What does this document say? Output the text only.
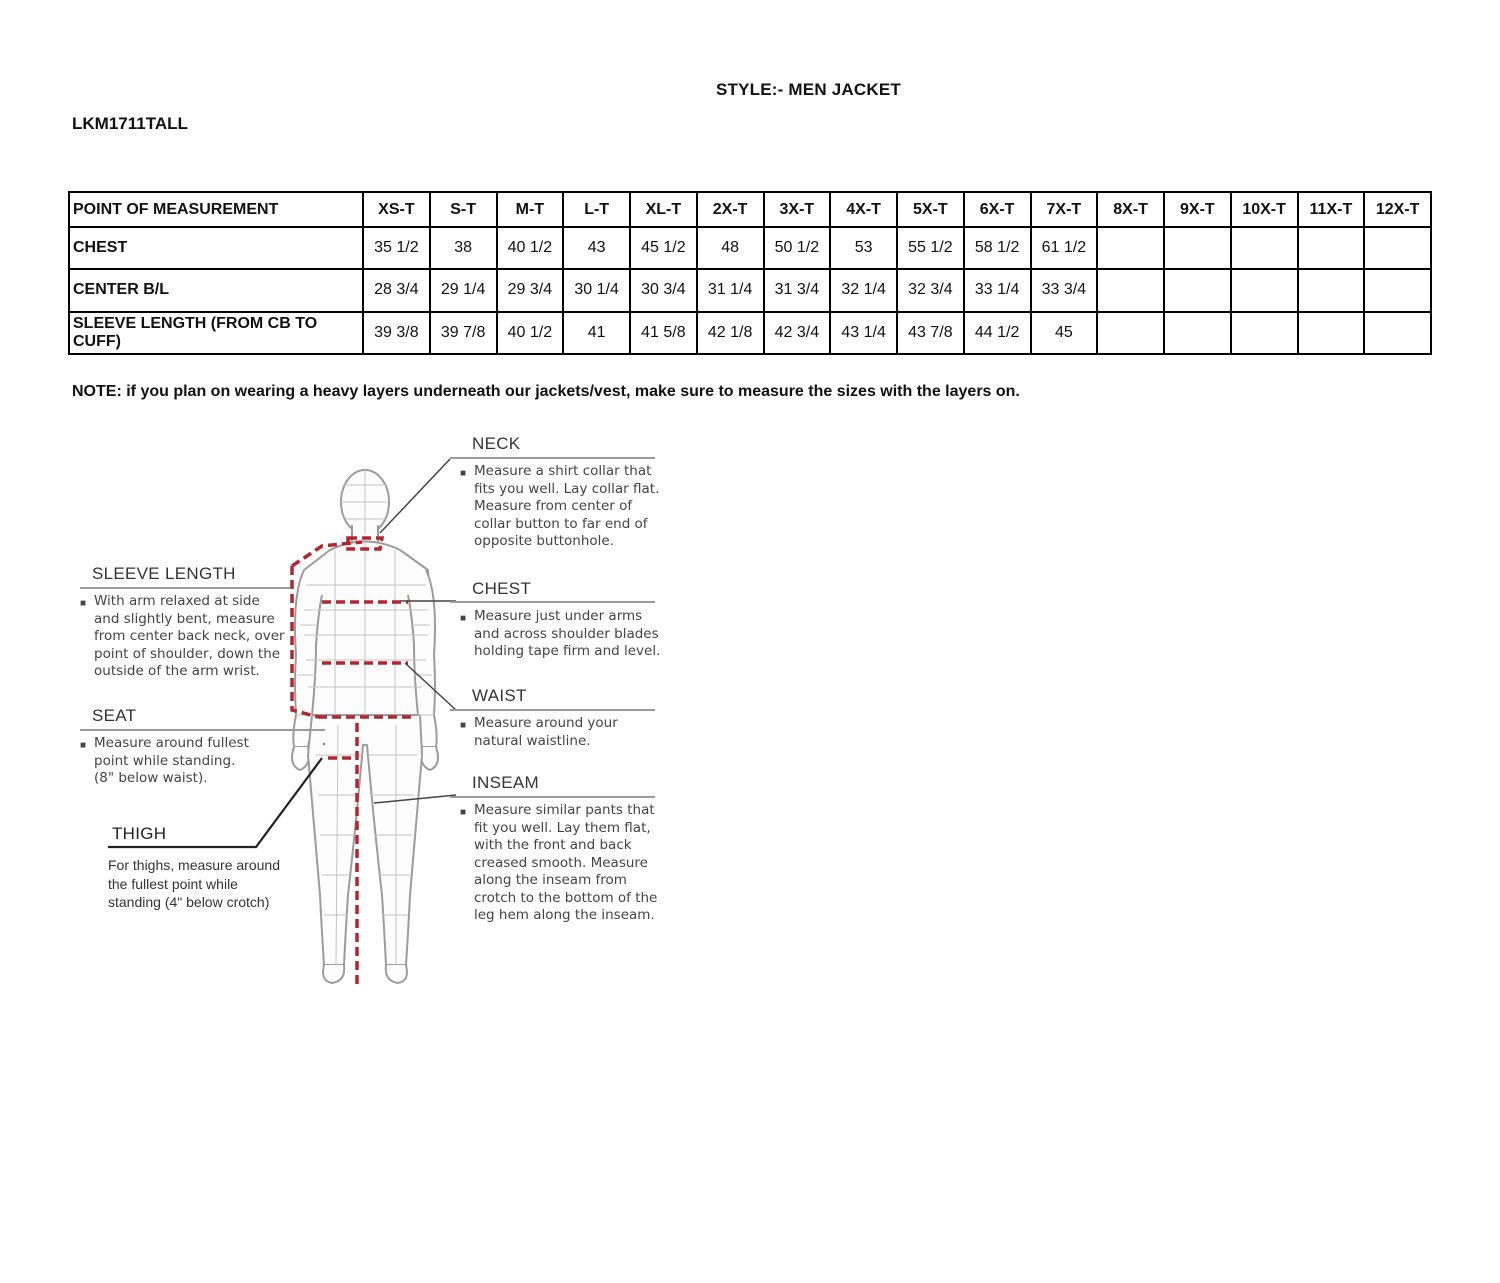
STYLE:- MEN JACKET
LKM1711TALL
POINT OF MEASUREMENT	XS-T	S-T	M-T	L-T	XL-T	2X-T	3X-T	4X-T	5X-T	6X-T	7X-T	8X-T	9X-T	10X-T	11X-T	12X-T
CHEST	35 1/2	38	40 1/2	43	45 1/2	48	50 1/2	53	55 1/2	58 1/2	61 1/2					
CENTER B/L	28 3/4	29 1/4	29 3/4	30 1/4	30 3/4	31 1/4	31 3/4	32 1/4	32 3/4	33 1/4	33 3/4					
SLEEVE LENGTH (FROM CB TO CUFF)	39 3/8	39 7/8	40 1/2	41	41 5/8	42 1/8	42 3/4	43 1/4	43 7/8	44 1/2	45					
NOTE: if you plan on wearing a heavy layers underneath our jackets/vest, make sure to measure the sizes with the layers on.
NECK
■ Measure a shirt collar that
fits you well. Lay collar flat.
Measure from center of
collar button to far end of
opposite buttonhole.
CHEST
■ Measure just under arms
and across shoulder blades
holding tape firm and level.
WAIST
■ Measure around your
natural waistline.
INSEAM
■ Measure similar pants that
fit you well. Lay them flat,
with the front and back
creased smooth. Measure
along the inseam from
crotch to the bottom of the
leg hem along the inseam.
SLEEVE LENGTH
■ With arm relaxed at side
and slightly bent, measure
from center back neck, over
point of shoulder, down the
outside of the arm wrist.
SEAT
■ Measure around fullest
point while standing.
(8" below waist).
THIGH
For thighs, measure around
the fullest point while
standing (4" below crotch)
